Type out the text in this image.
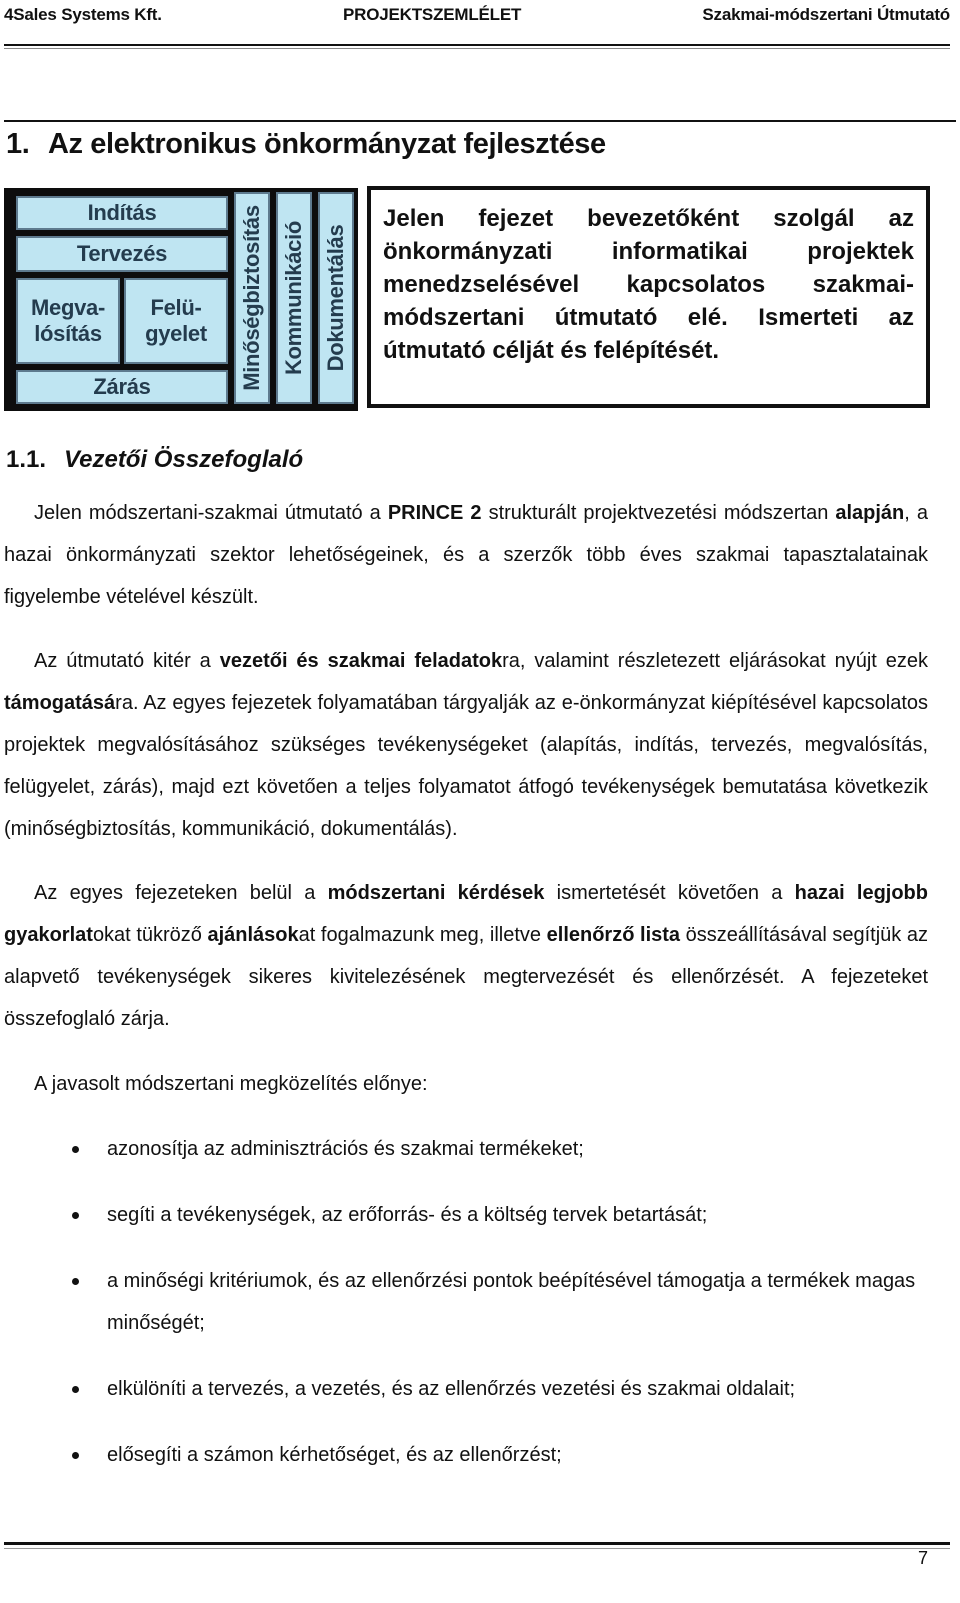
4Sales Systems Kft.	PROJEKTSZEMLÉLET	Szakmai-módszertani Útmutató
1. Az elektronikus önkormányzat fejlesztése
Indítás
Tervezés
Megva-
lósítás
Felü-
gyelet
Zárás	Minőségbiztosítás Kommunikáció Dokumentálás
Jelen fejezet bevezetőként szolgál az önkormányzati informatikai projektek menedzselésével kapcsolatos szakmai-módszertani útmutató elé. Ismerteti az útmutató célját és felépítését.
1.1. Vezetői Összefoglaló

Jelen módszertani-szakmai útmutató a PRINCE 2 strukturált projektvezetési módszertan alapján, a hazai önkormányzati szektor lehetőségeinek, és a szerzők több éves szakmai tapasztalatainak figyelembe vételével készült.

Az útmutató kitér a vezetői és szakmai feladatokra, valamint részletezett eljárásokat nyújt ezek támogatására. Az egyes fejezetek folyamatában tárgyalják az e-önkormányzat kiépítésével kapcsolatos projektek megvalósításához szükséges tevékenységeket (alapítás, indítás, tervezés, megvalósítás, felügyelet, zárás), majd ezt követően a teljes folyamatot átfogó tevékenységek bemutatása következik (minőségbiztosítás, kommunikáció, dokumentálás).

Az egyes fejezeteken belül a módszertani kérdések ismertetését követően a hazai legjobb gyakorlatokat tükröző ajánlásokat fogalmazunk meg, illetve ellenőrző lista összeállításával segítjük az alapvető tevékenységek sikeres kivitelezésének megtervezését és ellenőrzését. A fejezeteket összefoglaló zárja.

A javasolt módszertani megközelítés előnye:

azonosítja az adminisztrációs és szakmai termékeket;
segíti a tevékenységek, az erőforrás- és a költség tervek betartását;
a minőségi kritériumok, és az ellenőrzési pontok beépítésével támogatja a termékek magas minőségét;
elkülöníti a tervezés, a vezetés, és az ellenőrzés vezetési és szakmai oldalait;
elősegíti a számon kérhetőséget, és az ellenőrzést;
7
